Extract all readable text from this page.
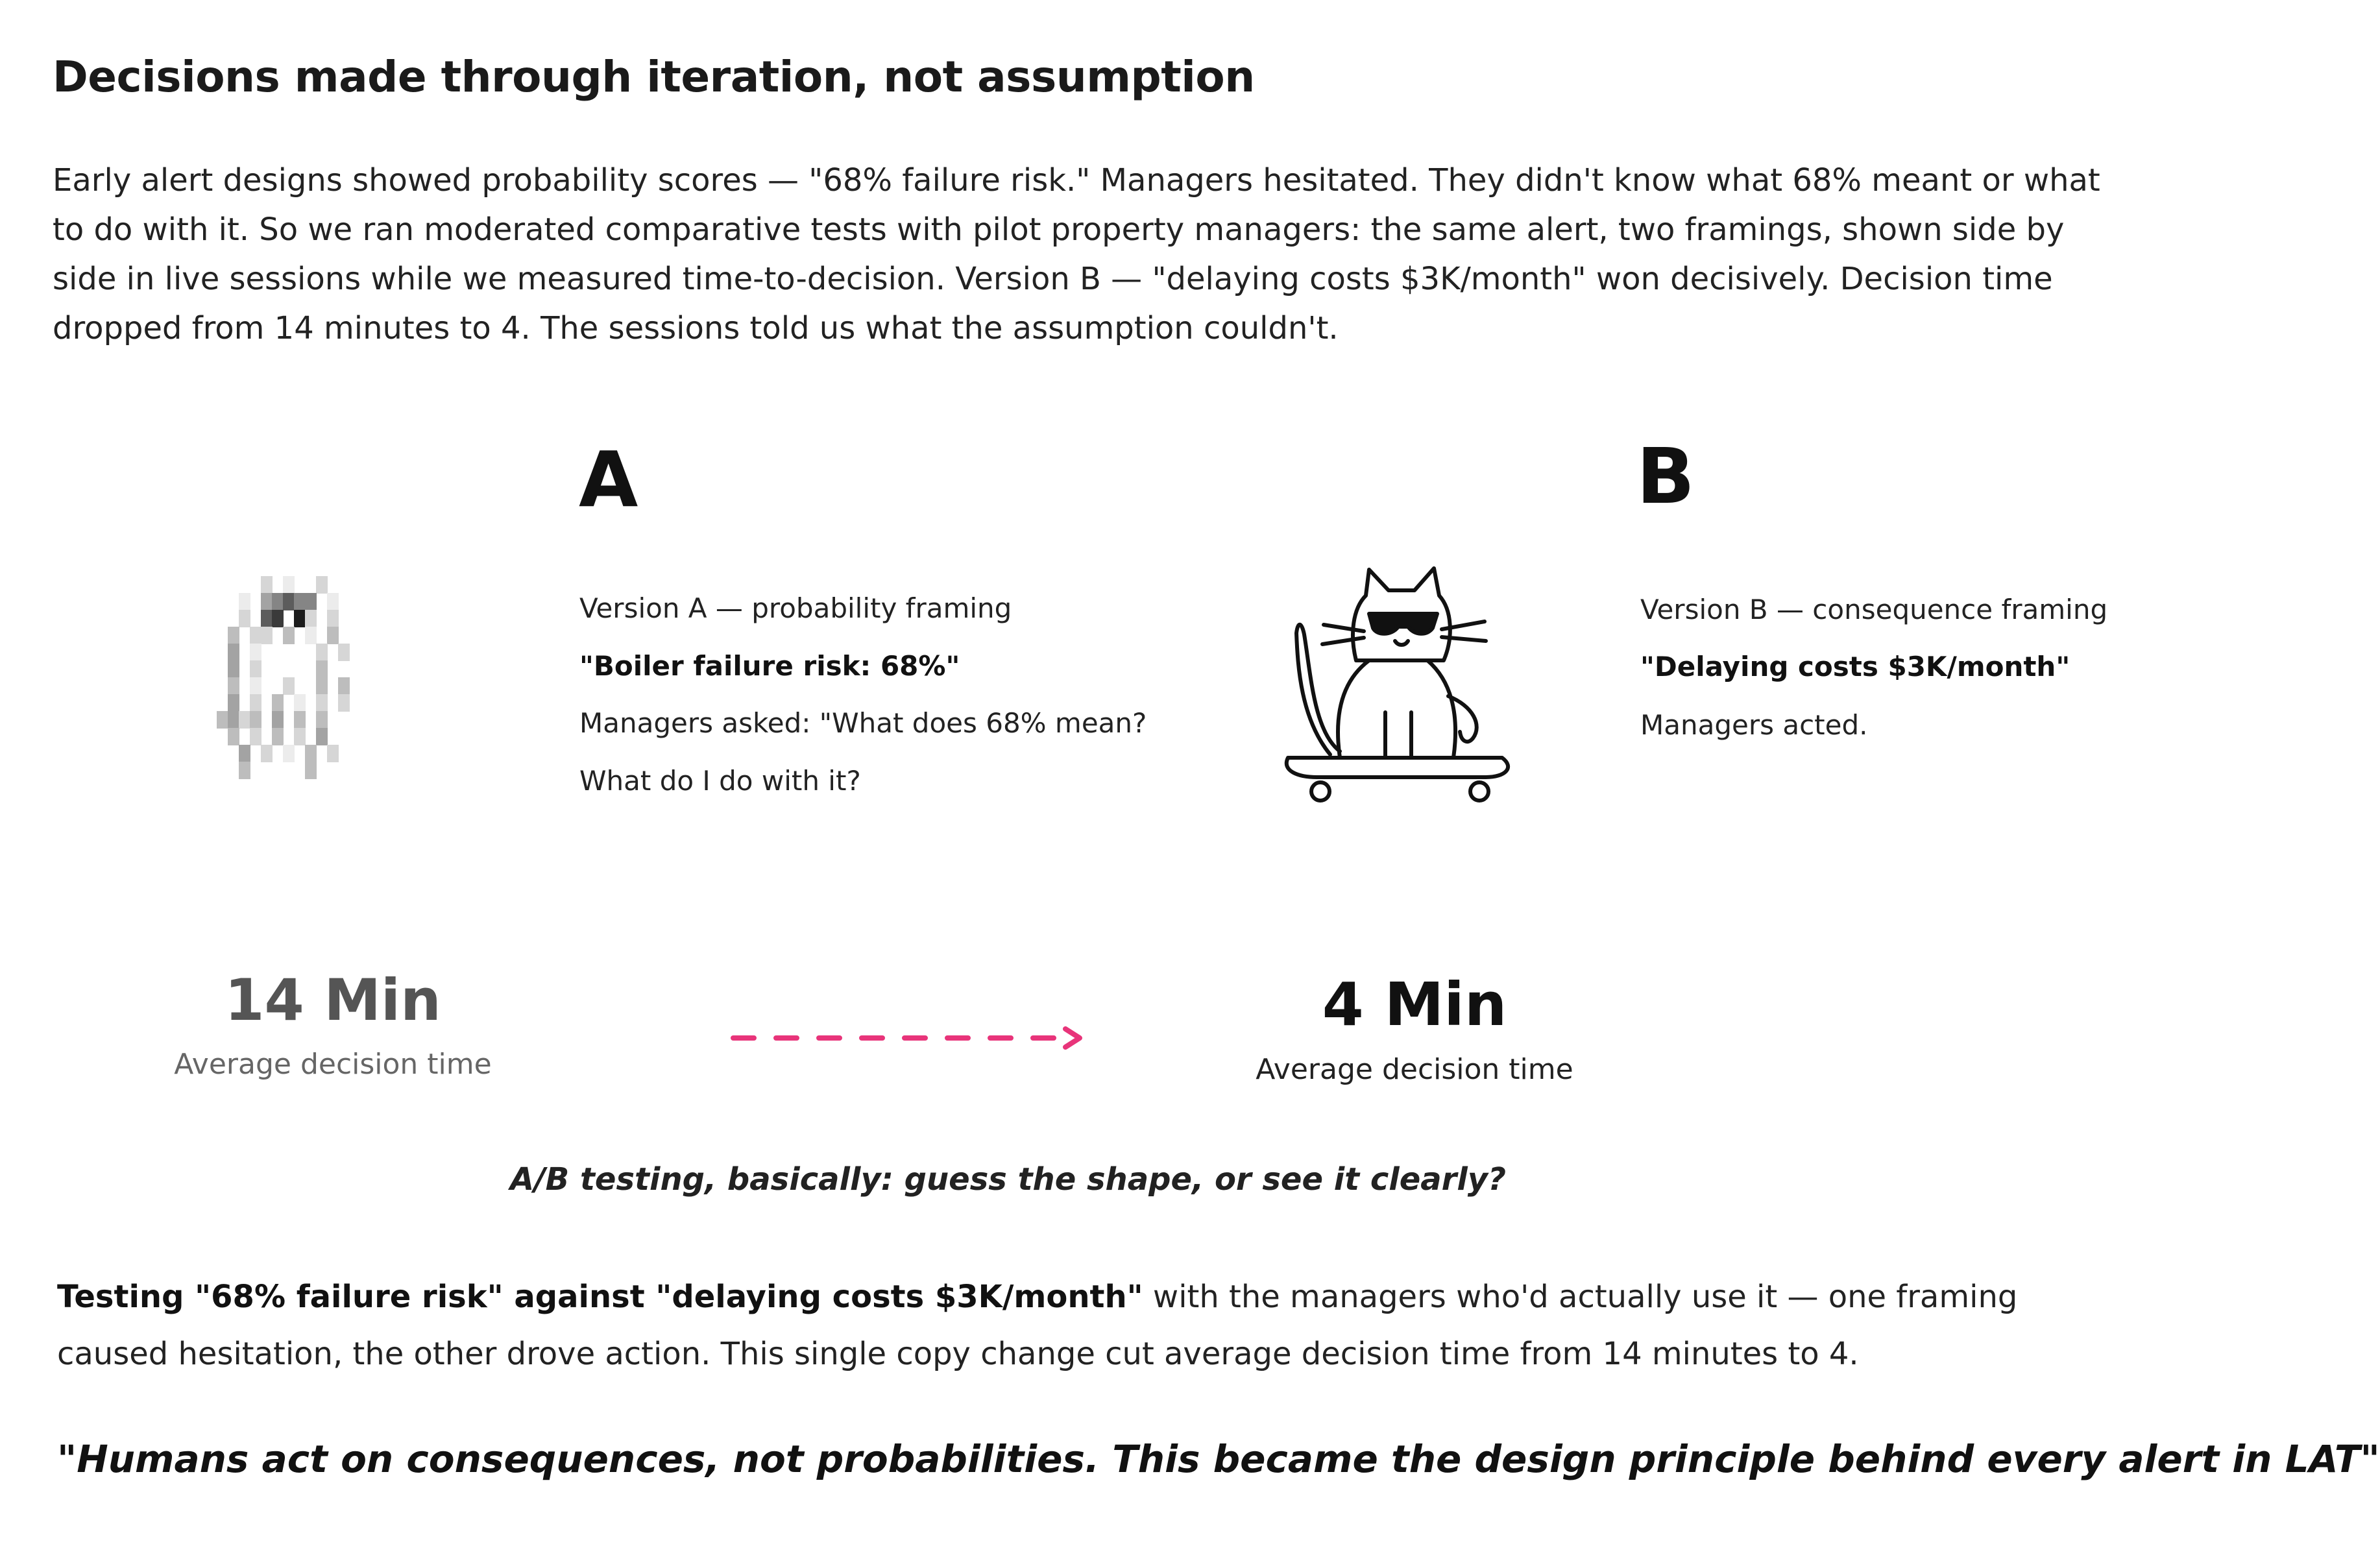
Decisions made through iteration, not assumption

Early alert designs showed probability scores — "68% failure risk." Managers hesitated. They didn't know what 68% meant or what to do with it. So we ran moderated comparative tests with pilot property managers: the same alert, two framings, shown side by side in live sessions while we measured time-to-decision. Version B — "delaying costs $3K/month" won decisively. Decision time dropped from 14 minutes to 4. The sessions told us what the assumption couldn't.

A
Version A — probability framing
"Boiler failure risk: 68%"
Managers asked: "What does 68% mean?
What do I do with it?
B
Version B — consequence framing
"Delaying costs $3K/month"
Managers acted.
14 Min
Average decision time
4 Min
Average decision time
A/B testing, basically: guess the shape, or see it clearly?

Testing "68% failure risk" against "delaying costs $3K/month" with the managers who'd actually use it — one framing caused hesitation, the other drove action. This single copy change cut average decision time from 14 minutes to 4.

"Humans act on consequences, not probabilities. This became the design principle behind every alert in LAT"
